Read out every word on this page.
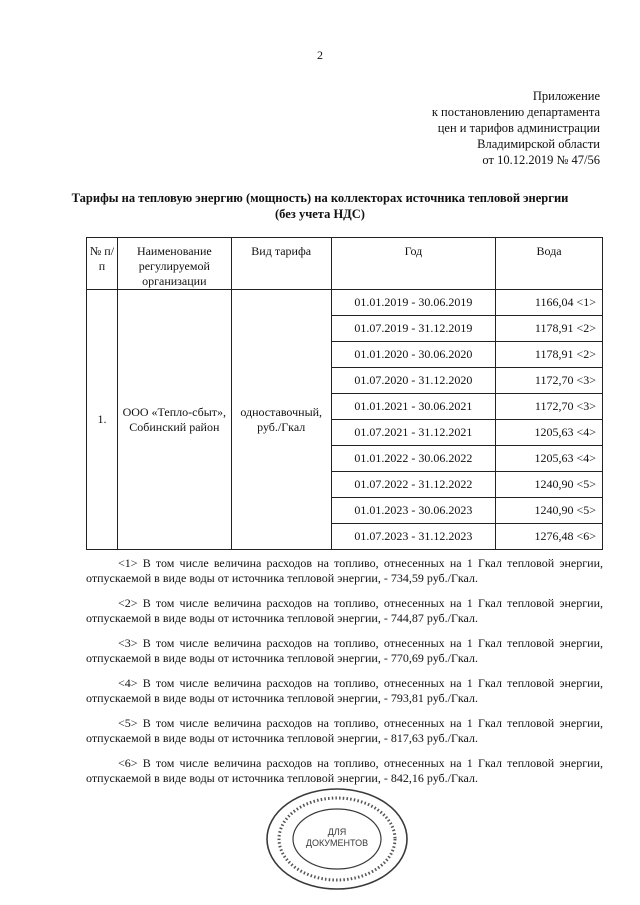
2
Приложение
к постановлению департамента
цен и тарифов администрации
Владимирской области
от 10.12.2019 № 47/56
Тарифы на тепловую энергию (мощность) на коллекторах источника тепловой энергии
(без учета НДС)
№ п/п	Наименование регулируемой организации	Вид тарифа	Год	Вода
1.	ООО «Тепло-сбыт», Собинский район	одноставочный, руб./Гкал	01.01.2019 - 30.06.2019	1166,04 <1>
			01.07.2019 - 31.12.2019	1178,91 <2>
			01.01.2020 - 30.06.2020	1178,91 <2>
			01.07.2020 - 31.12.2020	1172,70 <3>
			01.01.2021 - 30.06.2021	1172,70 <3>
			01.07.2021 - 31.12.2021	1205,63 <4>
			01.01.2022 - 30.06.2022	1205,63 <4>
			01.07.2022 - 31.12.2022	1240,90 <5>
			01.01.2023 - 30.06.2023	1240,90 <5>
			01.07.2023 - 31.12.2023	1276,48 <6>

<1> В том числе величина расходов на топливо, отнесенных на 1 Гкал тепловой энергии, отпускаемой в виде воды от источника тепловой энергии, - 734,59 руб./Гкал.

<2> В том числе величина расходов на топливо, отнесенных на 1 Гкал тепловой энергии, отпускаемой в виде воды от источника тепловой энергии, - 744,87 руб./Гкал.

<3> В том числе величина расходов на топливо, отнесенных на 1 Гкал тепловой энергии, отпускаемой в виде воды от источника тепловой энергии, - 770,69 руб./Гкал.

<4> В том числе величина расходов на топливо, отнесенных на 1 Гкал тепловой энергии, отпускаемой в виде воды от источника тепловой энергии, - 793,81 руб./Гкал.

<5> В том числе величина расходов на топливо, отнесенных на 1 Гкал тепловой энергии, отпускаемой в виде воды от источника тепловой энергии, - 817,63 руб./Гкал.

<6> В том числе величина расходов на топливо, отнесенных на 1 Гкал тепловой энергии, отпускаемой в виде воды от источника тепловой энергии, - 842,16 руб./Гкал.

ДЛЯ
ДОКУМЕНТОВ
